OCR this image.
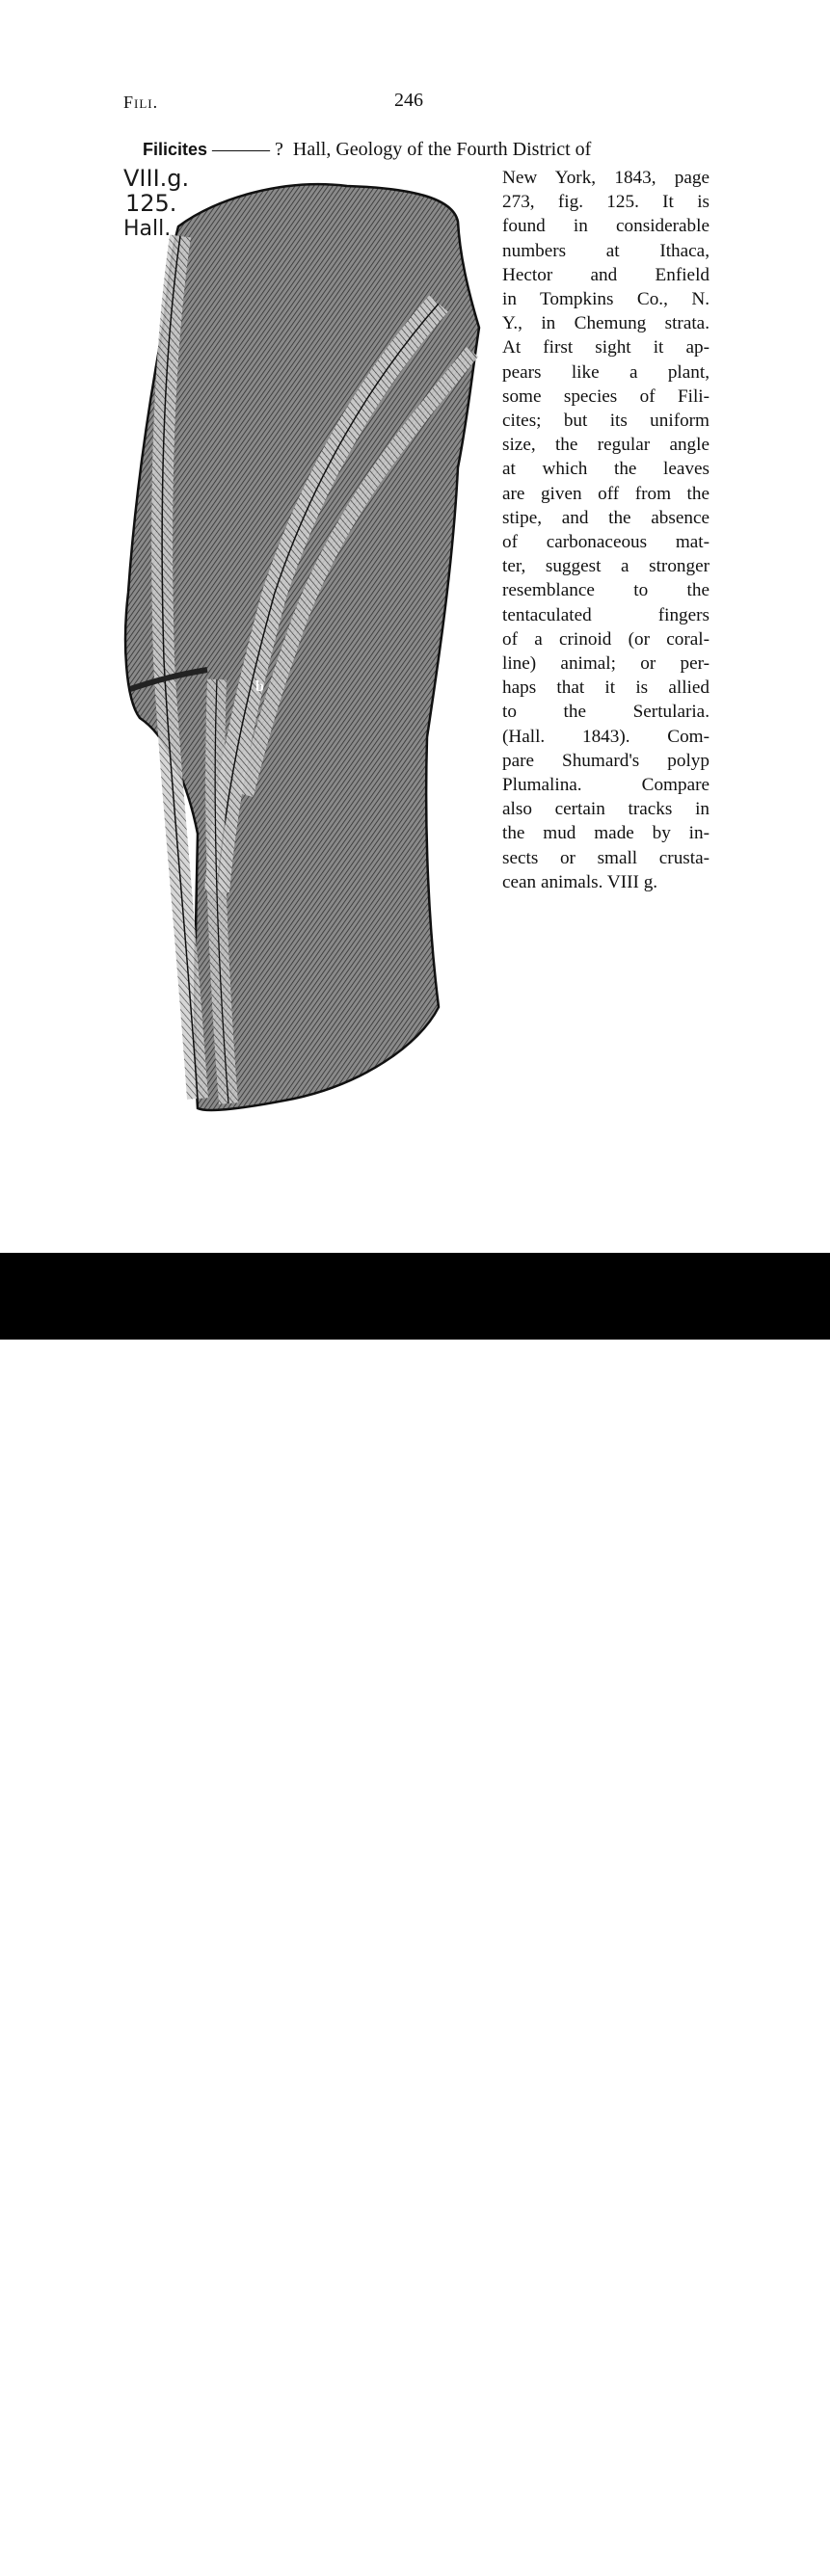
Fili.	246
Filicites ——— ? Hall, Geology of the Fourth District of
VIII.g.
125.
Hall.
b
New York, 1843, page
273, fig. 125. It is
found in considerable
numbers at Ithaca,
Hector and Enfield
in Tompkins Co., N.
Y., in Chemung strata.
At first sight it ap-
pears like a plant,
some species of Fili-
cites; but its uniform
size, the regular angle
at which the leaves
are given off from the
stipe, and the absence
of carbonaceous mat-
ter, suggest a stronger
resemblance to the
tentaculated fingers
of a crinoid (or coral-
line) animal; or per-
haps that it is allied
to the Sertularia.
(Hall. 1843). Com-
pare Shumard's polyp
Plumalina. Compare
also certain tracks in
the mud made by in-
sects or small crusta-
cean animals. VIII g.
alamy	H384FY
www.alamy.com
